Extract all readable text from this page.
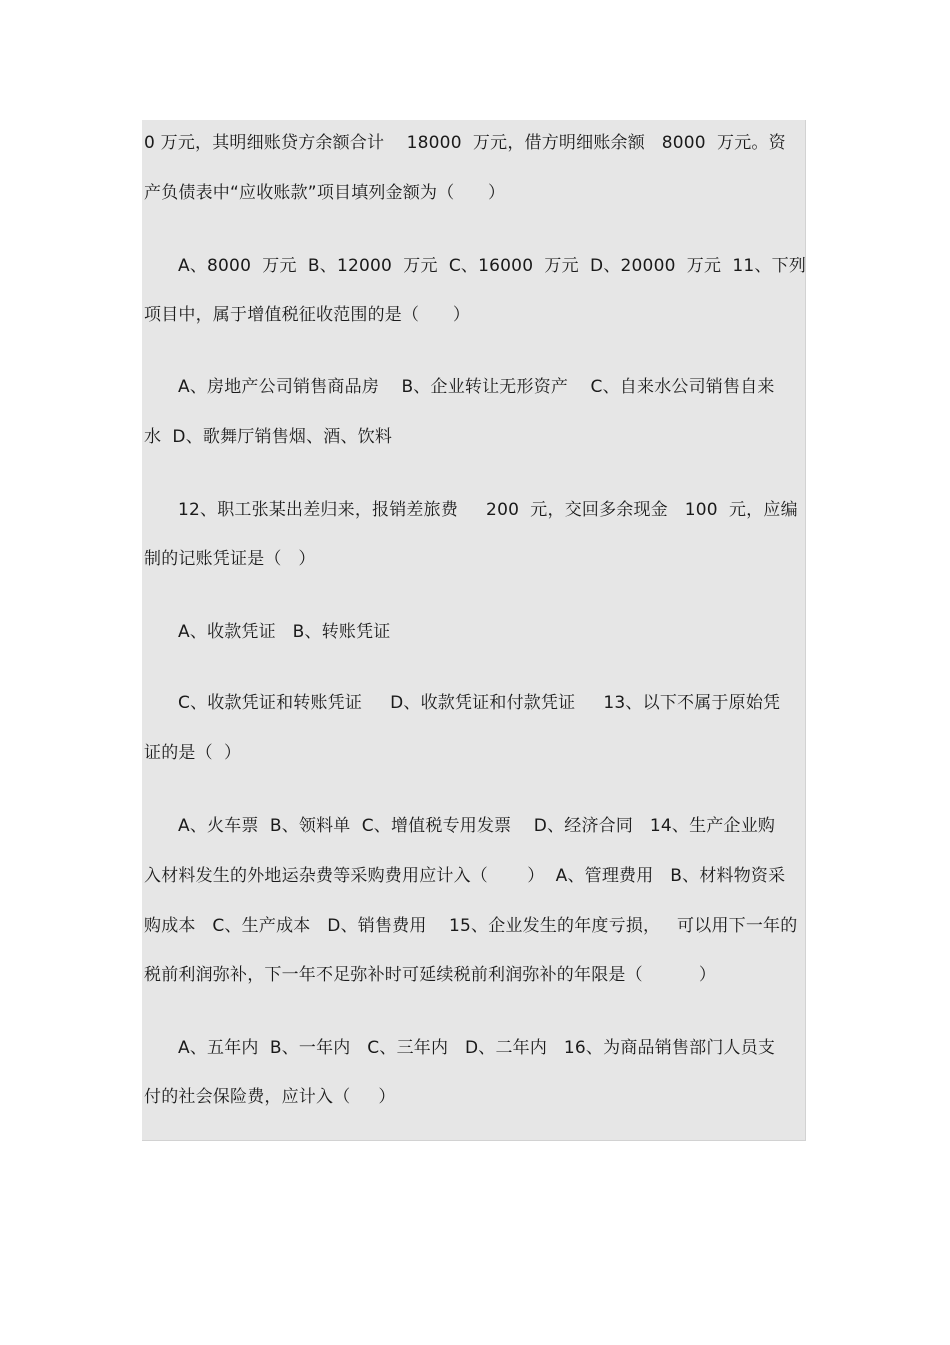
0 万元，其明细账贷方余额合计    18000  万元，借方明细账余额   8000  万元。资
产负债表中“应收账款”项目填列金额为（      ）
A、8000  万元  B、12000  万元  C、16000  万元  D、20000  万元  11、下列
项目中，属于增值税征收范围的是（      ）
A、房地产公司销售商品房    B、企业转让无形资产    C、自来水公司销售自来
水  D、歌舞厅销售烟、酒、饮料
12、职工张某出差归来，报销差旅费     200  元，交回多余现金   100  元，应编
制的记账凭证是（   ）
A、收款凭证   B、转账凭证
C、收款凭证和转账凭证     D、收款凭证和付款凭证     13、以下不属于原始凭
证的是（  ）
A、火车票  B、领料单  C、增值税专用发票    D、经济合同   14、生产企业购
入材料发生的外地运杂费等采购费用应计入（       ）  A、管理费用   B、材料物资采
购成本   C、生产成本   D、销售费用    15、企业发生的年度亏损，   可以用下一年的
税前利润弥补，下一年不足弥补时可延续税前利润弥补的年限是（          ）
A、五年内  B、一年内   C、三年内   D、二年内   16、为商品销售部门人员支
付的社会保险费，应计入（     ）
